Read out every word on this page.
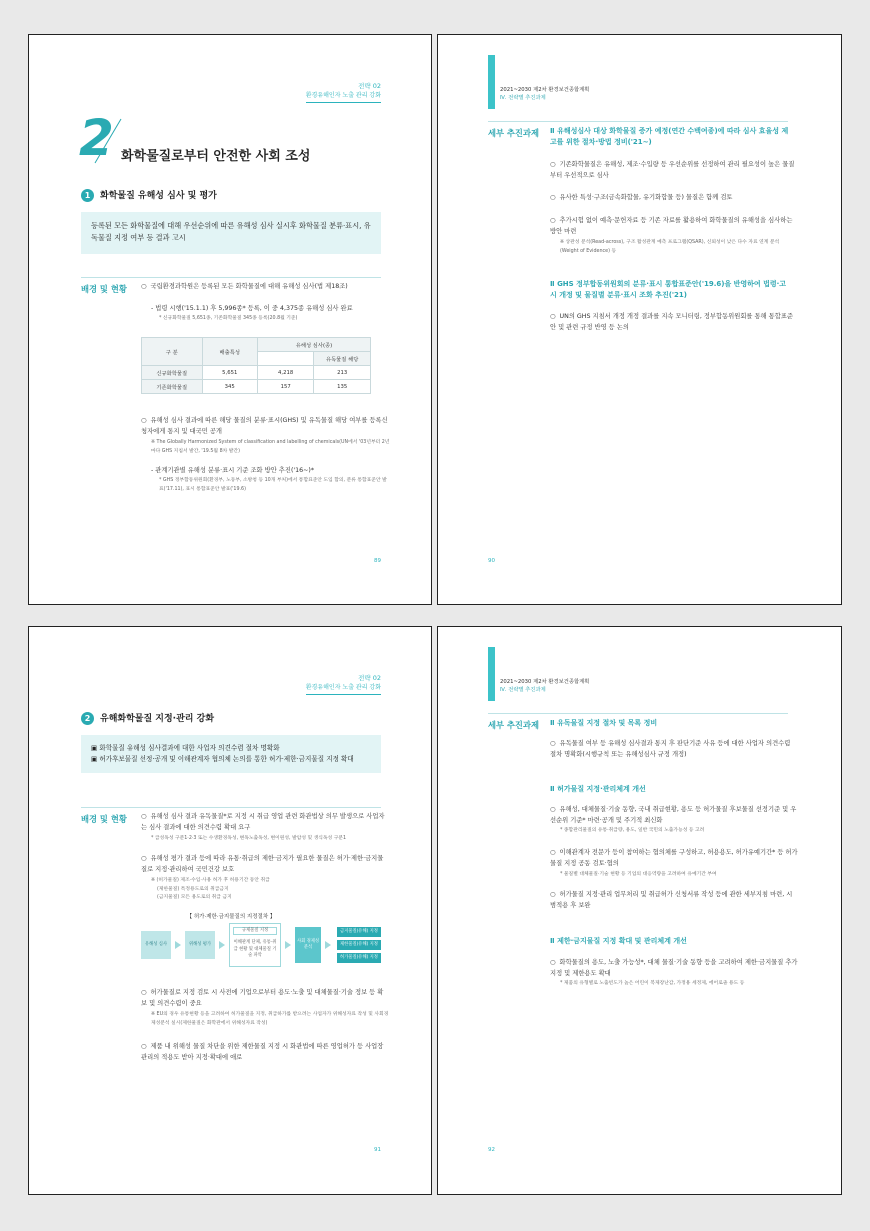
전략 02
환경유해인자 노출 관리 강화
2 화학물질로부터 안전한 사회 조성
1 화학물질 유해성 심사 및 평가
등록된 모든 화학물질에 대해 우선순위에 따른 유해성 심사 실시후 화학물질 분류·표시, 유독물질 지정 여부 등 결과 고시
배경 및 현황 ○  국립환경과학원은 등록된 모든 화학물질에 대해 유해성 심사(법 제18조)
- 법령 시행('15.1.1) 후 5,996종* 등록, 이 중 4,375종 유해성 심사 완료
* 신규화학물질 5,651종, 기존화학물질 345종 등록(20.8월 기준)
구 분	배출특성	유해성 심사(종)	
			유독물질 해당
신규화학물질	5,651	4,218	213
기존화학물질	345	157	135
○  유해성 심사 결과에 따른 해당 물질의 분류·표시(GHS) 및 유독물질 해당 여부를 등록신청자에게 통지 및 대국민 공개
※ The Globally Harmonized System of classification and labelling of chemicals(UN에서 '03년부터 2년마다 GHS 지침서 발간, '19.5월 8차 발간)
- 관계기관별 유해성 분류·표시 기준 조화 방안 추진('16~)*
* GHS 정부합동위원회(환경부, 노동부, 소방청 등 10개 부처)에서 통합표준안 도입 합의, 분류 통합표준안 발표('17.11), 표시 통합표준안 발표('19.6)
89
2021~2030 제2차 환경보건종합계획
Ⅳ. 전략별 추진과제
세부 추진과제 Ⅱ 유해성심사 대상 화학물질 증가 예정(연간 수백여종)에 따라 심사 효율성 제고를 위한 절차·방법 정비('21~)
○  기존화학물질은 유해성, 제조·수입량 등 우선순위를 선정하여 관리 필요성이 높은 물질부터 우선적으로 심사
○  유사한 특성·구조(금속화합물, 유기화합물 등) 물질은 함께 검토
○  추가시험 없이 예측·문헌자료 등 기존 자료를 활용하여 화학물질의 유해성을 심사하는 방안 마련
※ 상관성 분석(Read-across), 구조 활성관계 예측 프로그램(QSAR), 신뢰성이 낮은 다수 자료 연계 분석(Weight of Evidence) 등
Ⅱ GHS 정부합동위원회의 분류·표시 통합표준안('19.6)을 반영하여 법령·고시 개정 및 물질별 분류·표시 조화 추진('21)
○  UN의 GHS 지침서 개정 개정 결과를 지속 모니터링, 정부합동위원회를 통해 통합표준안 및 관련 규정 반영 등 논의
90
전략 02
환경유해인자 노출 관리 강화
2 유해화학물질 지정·관리 강화
▣ 화학물질 유해성 심사결과에 대한 사업자 의견수렴 절차 명확화
▣ 허가후보물질 선정·공개 및 이해관계자 협의체 논의를 통한 허가·제한·금지물질 지정 확대
배경 및 현황 ○  유해성 심사 결과 유독물질*로 지정 시 취급 영업 관련 화관법상 의무 발생으로 사업자는 심사 결과에 대한 의견수렴 확대 요구
* 급성독성 구분1·2·3 또는 수생환경독성, 변독노출독성, 변이원성, 발암성 및 생식독성 구분1
○  유해성 평가 결과 등에 따라 유통·취급의 제한·금지가 필요한 물질은 허가·제한·금지물질로 지정·관리하여 국민건강 보호
※ (허가물질) 제조·수입·사용 허가 후 허용기간 동안 취급
(제한물질) 특정용도로의 취급금지
(금지물질) 모든 용도로의 취급 금지
【 허가·제한·금지물질의 지정절차 】
유해성 심사	위해성 평가
규제물질 지정
이해관계 단체, 유통·취급 현황 및 대체물질 기술 파악
사회 경제성 분석
금지물질(유해) 지정
제한물질(유해) 지정
허가물질(유해) 지정
○  허가물질로 지정 검토 시 사전에 기업으로부터 용도·노출 및 대체물질·기술 정보 등 확보 및 의견수렴이 중요
※ EU의 경우 유통현황 등을 고려하여 허가물질을 지정, 취급하가를 받으려는 사업자가 위해성자료 작성 및 사회경제성분석 실시(제한물질은 화학관에서 위해성자료 작성)
○  제품 내 위해성 물질 차단을 위한 제한물질 지정 시 화관법에 따른 영업허가 등 사업장 관리의 적용도 받아 지정·확대에 애로
91
2021~2030 제2차 환경보건종합계획
Ⅳ. 전략별 추진과제
세부 추진과제 Ⅱ 유독물질 지정 절차 및 목록 정비
○  유독물질 여부 등 유해성 심사결과 통지 후 판단기준 사유 등에 대한 사업자 의견수렴 절차 명확화(시행규칙 또는 유해성심사 규정 개정)
Ⅱ 허가물질 지정·관리체계 개선
○  유해성, 대체물질·기술 동향, 국내 취급현황, 용도 등 허가물질 후보물질 선정기준 및 우선순위 기준* 마련·공개 및 주기적 최신화
* 종합관리물질의 유통·취급량, 용도, 일반 국민의 노출가능성 등 고려
○  이해관계자 전문가 등이 참여하는 협의체를 구성하고, 허용용도, 허가유예기간* 등 허가물질 지정 공동 검토·협의
* 물질별 대체물질·기술 현황 등 기업의 대응역량을 고려하여 유예기간 부여
○  허가물질 지정·관리 업무처리 및 취급허가 신청서류 작성 등에 관한 세부지침 마련, 시범적용 후 보완
Ⅱ 제한·금지물질 지정 확대 및 관리체계 개선
○  화학물질의 용도, 노출 가능성*, 대체 물질·기술 동향 등을 고려하여 제한·금지물질 추가지정 및 제한용도 확대
* 제품의 유형별로 노출빈도가 높은 어린이 복제장난감, 가정용 세정제, 에어로졸 용도 등
92
